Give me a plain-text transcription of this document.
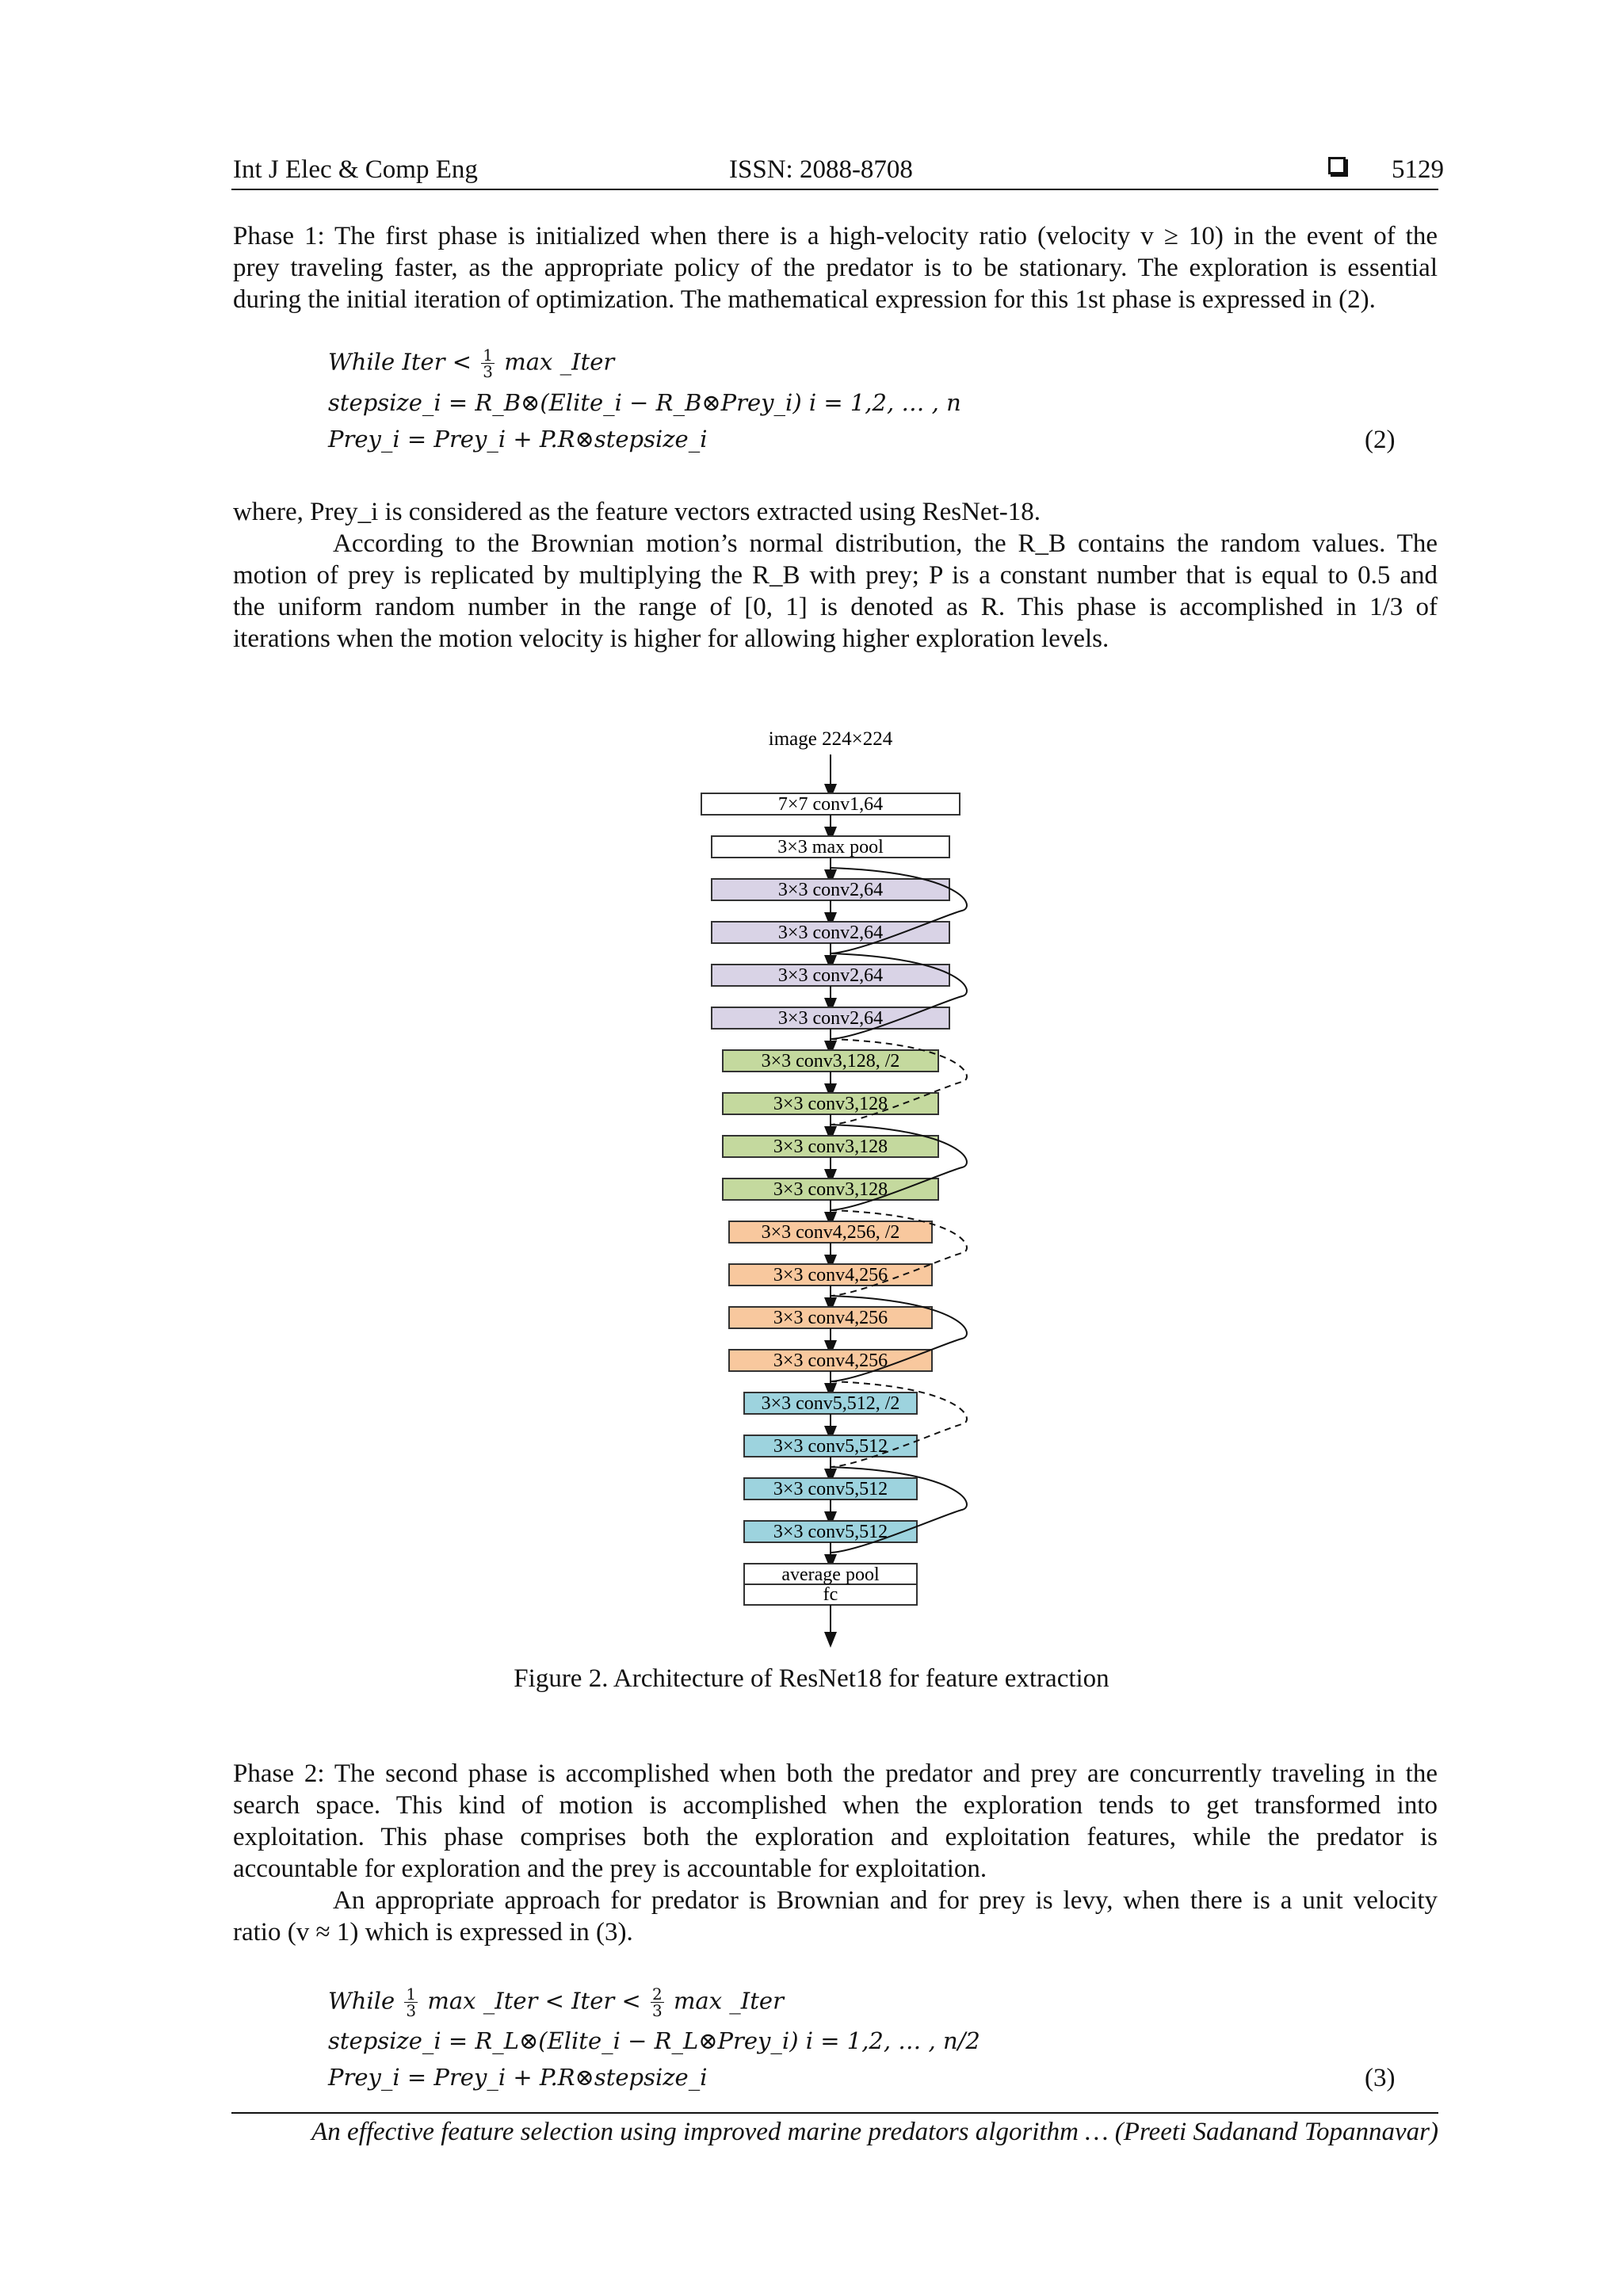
Int J Elec & Comp Eng	ISSN: 2088-8708	5129
Phase 1: The first phase is initialized when there is a high-velocity ratio (velocity v ≥ 10) in the event of the
prey traveling faster, as the appropriate policy of the predator is to be stationary. The exploration is essential
during the initial iteration of optimization. The mathematical expression for this 1st phase is expressed in (2).
While Iter < $\frac{1}{3}$ max _Iter
stepsize_i = R_B⊗(Elite_i − R_B⊗Prey_i) i = 1,2, … , n
Prey_i = Prey_i + P.R⊗stepsize_i	(2)
where, Prey_i is considered as the feature vectors extracted using ResNet-18.
According to the Brownian motion’s normal distribution, the R_B contains the random values. The
motion of prey is replicated by multiplying the R_B with prey; P is a constant number that is equal to 0.5 and
the uniform random number in the range of [0, 1] is denoted as R. This phase is accomplished in 1/3 of
iterations when the motion velocity is higher for allowing higher exploration levels.
image 224×224
7×7 conv1,64
3×3 max pool
3×3 conv2,64
3×3 conv2,64
3×3 conv2,64
3×3 conv2,64
3×3 conv3,128, /2
3×3 conv3,128
3×3 conv3,128
3×3 conv3,128
3×3 conv4,256, /2
3×3 conv4,256
3×3 conv4,256
3×3 conv4,256
3×3 conv5,512, /2
3×3 conv5,512
3×3 conv5,512
3×3 conv5,512
average pool
fc
Figure 2. Architecture of ResNet18 for feature extraction
Phase 2: The second phase is accomplished when both the predator and prey are concurrently traveling in the
search space. This kind of motion is accomplished when the exploration tends to get transformed into
exploitation. This phase comprises both the exploration and exploitation features, while the predator is
accountable for exploration and the prey is accountable for exploitation.
An appropriate approach for predator is Brownian and for prey is levy, when there is a unit velocity
ratio (v ≈ 1) which is expressed in (3).
While $\frac{1}{3}$ max _Iter < Iter < $\frac{2}{3}$ max _Iter
stepsize_i = R_L⊗(Elite_i − R_L⊗Prey_i) i = 1,2, … , n/2
Prey_i = Prey_i + P.R⊗stepsize_i	(3)
An effective feature selection using improved marine predators algorithm … (Preeti Sadanand Topannavar)
